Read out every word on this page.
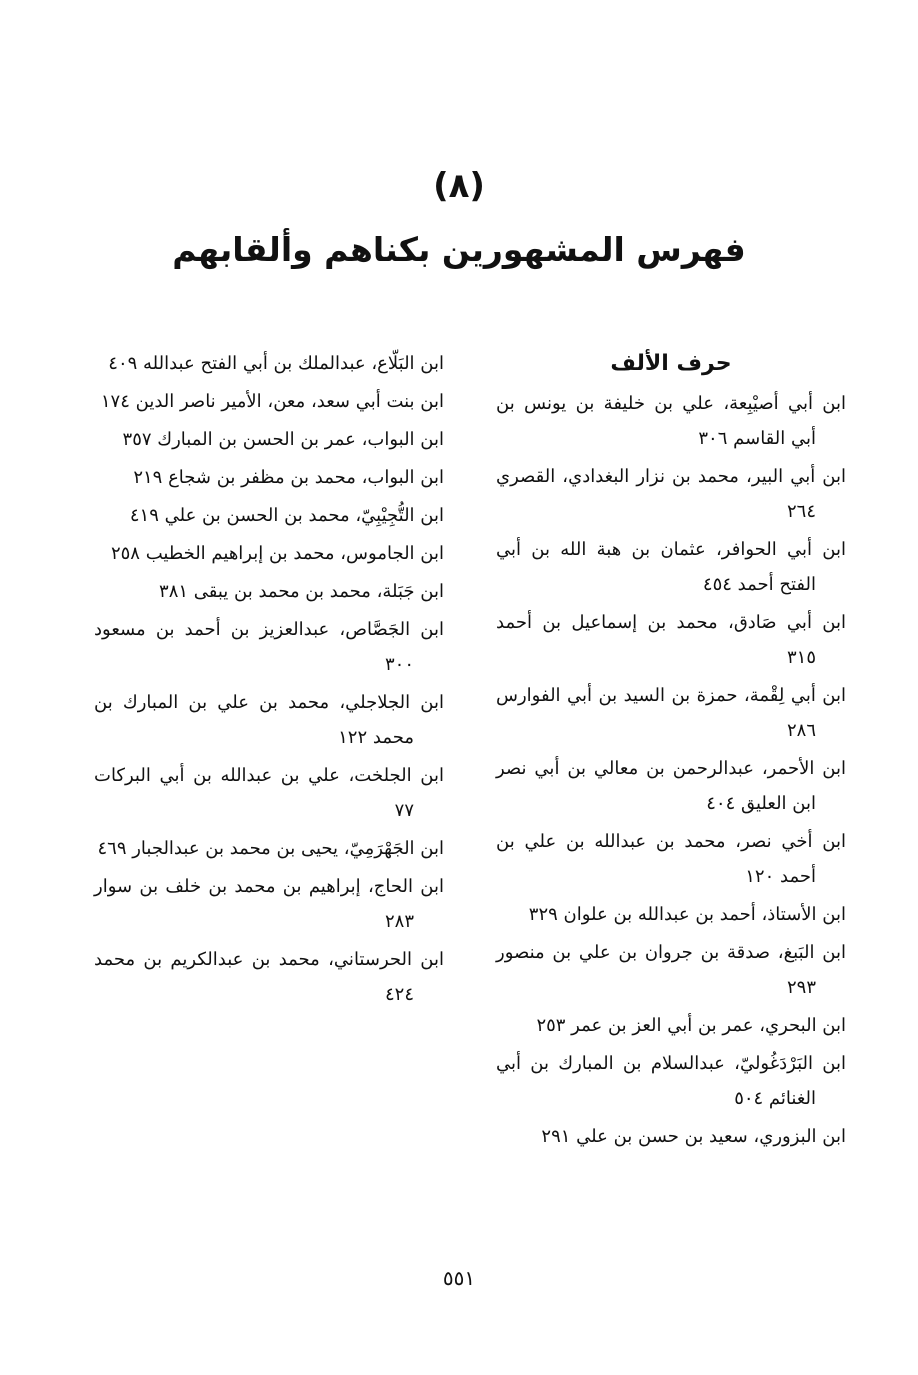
(٨)
فهرس المشهورين بكناهم وألقابهم
حرف الألف
ابن أبي أصيْبِعة، علي بن خليفة بن يونس بن أبي القاسم ٣٠٦
ابن أبي البير، محمد بن نزار البغدادي، القصري ٢٦٤
ابن أبي الحوافر، عثمان بن هبة الله بن أبي الفتح أحمد ٤٥٤
ابن أبي صَادق، محمد بن إسماعيل بن أحمد ٣١٥
ابن أبي لِقْمة، حمزة بن السيد بن أبي الفوارس ٢٨٦
ابن الأحمر، عبدالرحمن بن معالي بن أبي نصر ابن العليق ٤٠٤
ابن أخي نصر، محمد بن عبدالله بن علي بن أحمد ١٢٠
ابن الأستاذ، أحمد بن عبدالله بن علوان ٣٢٩
ابن البَبغ، صدقة بن جروان بن علي بن منصور ٢٩٣
ابن البحري، عمر بن أبي العز بن عمر ٢٥٣
ابن البَرْدَغُوليّ، عبدالسلام بن المبارك بن أبي الغنائم ٥٠٤
ابن البزوري، سعيد بن حسن بن علي ٢٩١
ابن البَلّاع، عبدالملك بن أبي الفتح عبدالله ٤٠٩
ابن بنت أبي سعد، معن، الأمير ناصر الدين ١٧٤
ابن البواب، عمر بن الحسن بن المبارك ٣٥٧
ابن البواب، محمد بن مظفر بن شجاع ٢١٩
ابن التُّجِيْبِيّ، محمد بن الحسن بن علي ٤١٩
ابن الجاموس، محمد بن إبراهيم الخطيب ٢٥٨
ابن جَبَلة، محمد بن محمد بن يبقى ٣٨١
ابن الجَصَّاص، عبدالعزيز بن أحمد بن مسعود ٣٠٠
ابن الجلاجلي، محمد بن علي بن المبارك بن محمد ١٢٢
ابن الجلخت، علي بن عبدالله بن أبي البركات ٧٧
ابن الجَهْرَمِيّ، يحيى بن محمد بن عبدالجبار ٤٦٩
ابن الحاج، إبراهيم بن محمد بن خلف بن سوار ٢٨٣
ابن الحرستاني، محمد بن عبدالكريم بن محمد ٤٢٤
٥٥١
